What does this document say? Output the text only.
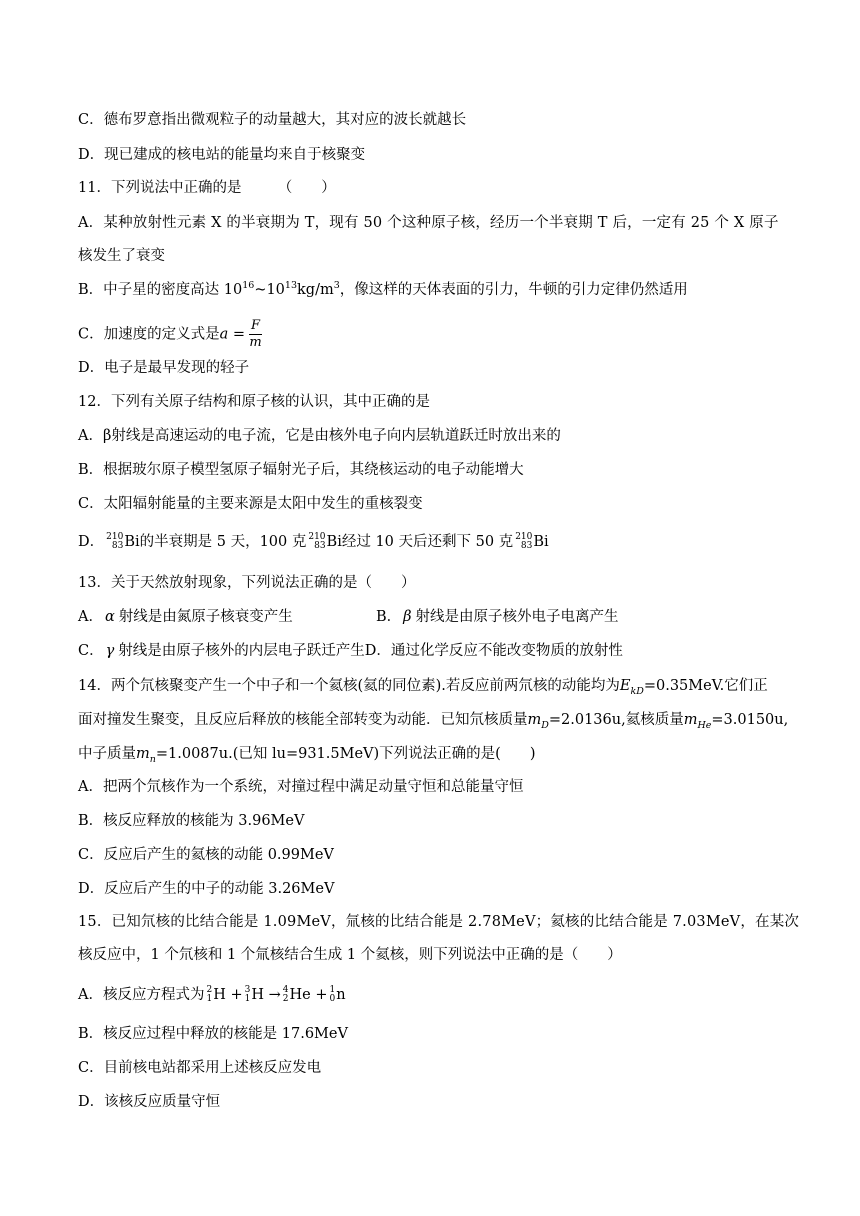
C．德布罗意指出微观粒子的动量越大，其对应的波长就越长
D．现已建成的核电站的能量均来自于核聚变
11．下列说法中正确的是　　　（　　）
A．某种放射性元素 X 的半衰期为 T，现有 50 个这种原子核，经历一个半衰期 T 后，一定有 25 个 X 原子
核发生了衰变
B．中子星的密度高达 $10^{16}\sim 10^{13}kg/m^3$，像这样的天体表面的引力，牛顿的引力定律仍然适用
C．加速度的定义式是$a = \frac{F}{m}$
D．电子是最早发现的轻子
12．下列有关原子结构和原子核的认识，其中正确的是
A．β射线是高速运动的电子流，它是由核外电子向内层轨道跃迁时放出来的
B．根据玻尔原子模型氢原子辐射光子后，其绕核运动的电子动能增大
C．太阳辐射能量的主要来源是太阳中发生的重核裂变
D． 210
83 Bi的半衰期是 5 天，100 克 210
83 Bi经过 10 天后还剩下 50 克 210
83 Bi
13．关于天然放射现象，下列说法正确的是（　　）
A． α 射线是由氮原子核衰变产生	B． β 射线是由原子核外电子电离产生
C． γ 射线是由原子核外的内层电子跃迁产生D．通过化学反应不能改变物质的放射性
14．两个氘核聚变产生一个中子和一个氦核(氦的同位素).若反应前两氘核的动能均为$E_{kD}=0.35MeV$.它们正
面对撞发生聚变，且反应后释放的核能全部转变为动能．已知氘核质量$m_D=2.0136u$,氦核质量$m_{He}=3.0150u$,
中子质量$m_n=1.0087u$.(已知 lu=931.5MeV)下列说法正确的是(　　)
A．把两个氘核作为一个系统，对撞过程中满足动量守恒和总能量守恒
B．核反应释放的核能为 3.96MeV
C．反应后产生的氦核的动能 0.99MeV
D．反应后产生的中子的动能 3.26MeV
15．已知氘核的比结合能是 1.09MeV，氚核的比结合能是 2.78MeV；氦核的比结合能是 7.03MeV，在某次
核反应中，1 个氘核和 1 个氚核结合生成 1 个氦核，则下列说法中正确的是（　　）
A．核反应方程式为 2
1 H + 3
1 H → 4
2 He + 1
0 n
B．核反应过程中释放的核能是 17.6MeV
C．目前核电站都采用上述核反应发电
D．该核反应质量守恒
